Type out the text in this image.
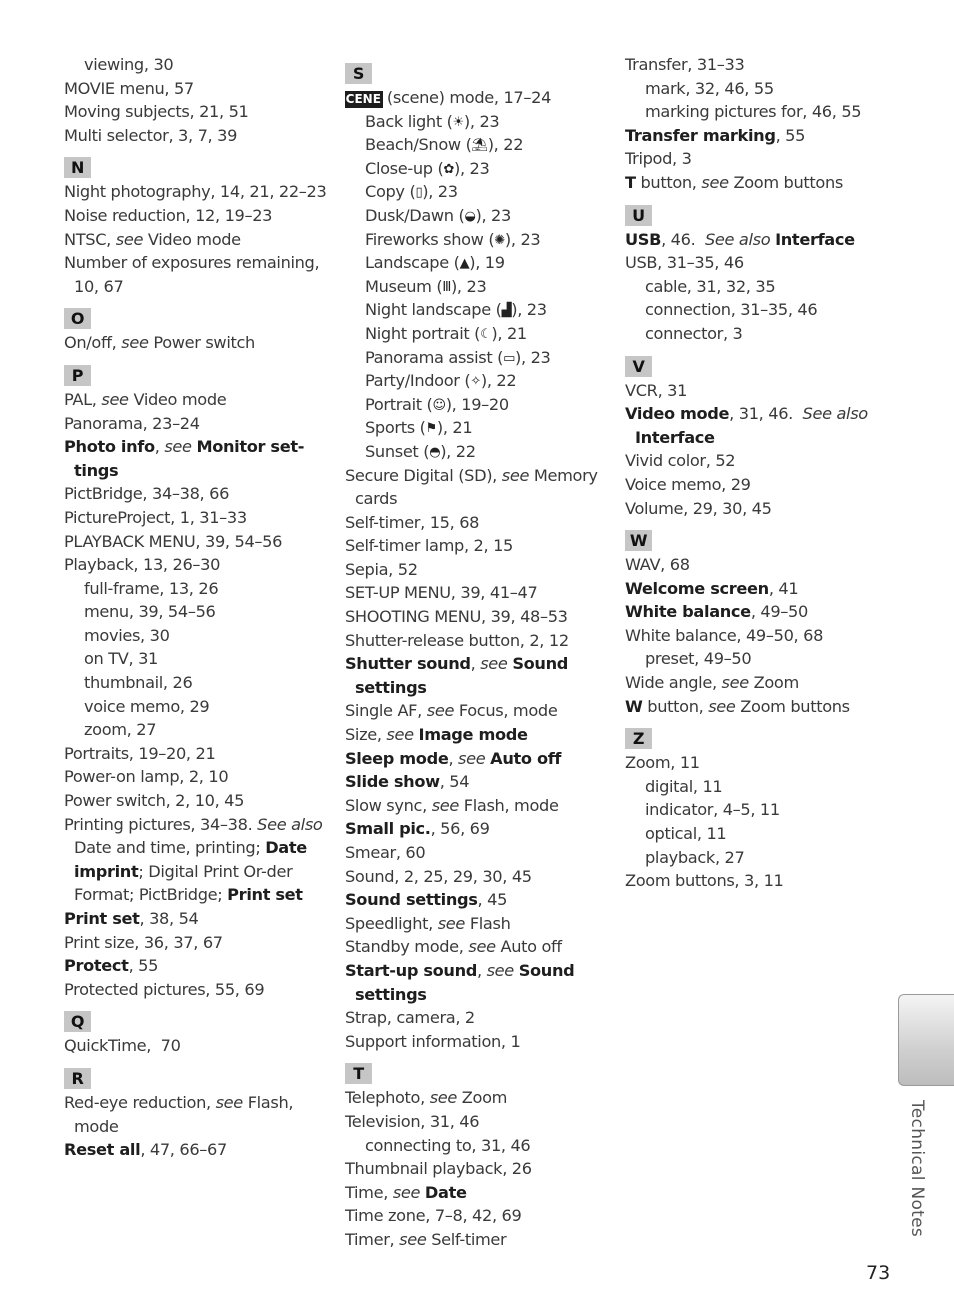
viewing, 30
MOVIE menu, 57
Moving subjects, 21, 51
Multi selector, 3, 7, 39
N
Night photography, 14, 21, 22–23
Noise reduction, 12, 19–23
NTSC, see Video mode
Number of exposures remaining, 10, 67
O
On/off, see Power switch
P
PAL, see Video mode
Panorama, 23–24
Photo info, see Monitor set-tings
PictBridge, 34–38, 66
PictureProject, 1, 31–33
PLAYBACK MENU, 39, 54–56
Playback, 13, 26–30
full-frame, 13, 26
menu, 39, 54–56
movies, 30
on TV, 31
thumbnail, 26
voice memo, 29
zoom, 27
Portraits, 19–20, 21
Power-on lamp, 2, 10
Power switch, 2, 10, 45
Printing pictures, 34–38. See also Date and time, printing; Date imprint; Digital Print Or-der Format; PictBridge; Print set
Print set, 38, 54
Print size, 36, 37, 67
Protect, 55
Protected pictures, 55, 69
Q
QuickTime,  70
R
Red-eye reduction, see Flash, mode
Reset all, 47, 66–67
S
SCENE (scene) mode, 17–24
Back light (☀), 23
Beach/Snow (⛱), 22
Close-up (✿), 23
Copy (▯), 23
Dusk/Dawn (◒), 23
Fireworks show (✺), 23
Landscape (▲), 19
Museum (Ⅲ), 23
Night landscape (▟), 23
Night portrait (☾), 21
Panorama assist (▭), 23
Party/Indoor (✧), 22
Portrait (☺), 19–20
Sports (⚑), 21
Sunset (◓), 22
Secure Digital (SD), see Memory cards
Self-timer, 15, 68
Self-timer lamp, 2, 15
Sepia, 52
SET-UP MENU, 39, 41–47
SHOOTING MENU, 39, 48–53
Shutter-release button, 2, 12
Shutter sound, see Sound settings
Single AF, see Focus, mode
Size, see Image mode
Sleep mode, see Auto off
Slide show, 54
Slow sync, see Flash, mode
Small pic., 56, 69
Smear, 60
Sound, 2, 25, 29, 30, 45
Sound settings, 45
Speedlight, see Flash
Standby mode, see Auto off
Start-up sound, see Sound settings
Strap, camera, 2
Support information, 1
T
Telephoto, see Zoom
Television, 31, 46
connecting to, 31, 46
Thumbnail playback, 26
Time, see Date
Time zone, 7–8, 42, 69
Timer, see Self-timer
Transfer, 31–33
mark, 32, 46, 55
marking pictures for, 46, 55
Transfer marking, 55
Tripod, 3
T button, see Zoom buttons
U
USB, 46.  See also Interface
USB, 31–35, 46
cable, 31, 32, 35
connection, 31–35, 46
connector, 3
V
VCR, 31
Video mode, 31, 46.  See also Interface
Vivid color, 52
Voice memo, 29
Volume, 29, 30, 45
W
WAV, 68
Welcome screen, 41
White balance, 49–50
White balance, 49–50, 68
preset, 49–50
Wide angle, see Zoom
W button, see Zoom buttons
Z
Zoom, 11
digital, 11
indicator, 4–5, 11
optical, 11
playback, 27
Zoom buttons, 3, 11
Technical Notes
73
